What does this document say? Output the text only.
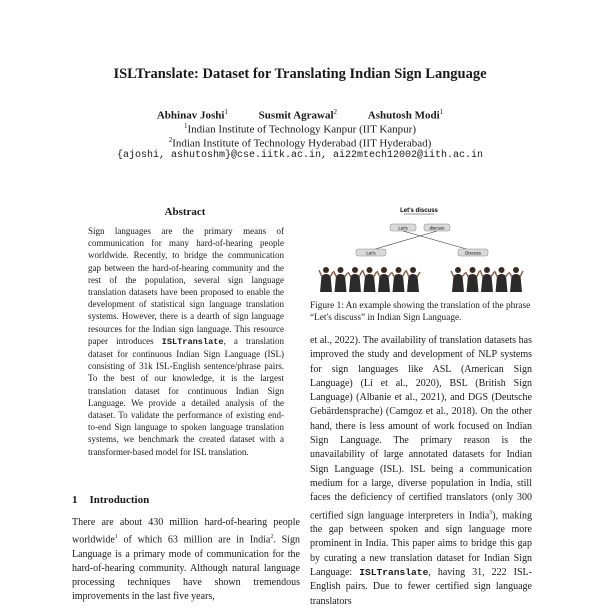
ISLTranslate: Dataset for Translating Indian Sign Language
Abhinav Joshi$^1$	Susmit Agrawal$^2$	Ashutosh Modi$^1$
$^1$Indian Institute of Technology Kanpur (IIT Kanpur)
$^2$Indian Institute of Technology Hyderabad (IIT Hyderabad)
{ajoshi, ashutoshm}@cse.iitk.ac.in, ai22mtech12002@iith.ac.in
Abstract
Sign languages are the primary means of communication for many hard-of-hearing people worldwide. Recently, to bridge the communication gap between the hard-of-hearing community and the rest of the population, several sign language translation datasets have been proposed to enable the development of statistical sign language translation systems. However, there is a dearth of sign language resources for the Indian sign language. This resource paper introduces ISLTranslate, a translation dataset for continuous Indian Sign Language (ISL) consisting of 31k ISL-English sentence/phrase pairs. To the best of our knowledge, it is the largest translation dataset for continuous Indian Sign Language. We provide a detailed analysis of the dataset. To validate the performance of existing end-to-end Sign language to spoken language translation systems, we benchmark the created dataset with a transformer-based model for ISL translation.
1 Introduction
There are about 430 million hard-of-hearing people worldwide$^1$ of which 63 million are in India$^2$. Sign Language is a primary mode of communication for the hard-of-hearing community. Although natural language processing techniques have shown tremendous improvements in the last five years,
Let's discuss
Let's	discuss
Let's	Discuss
Figure 1: An example showing the translation of the phrase “Let's discuss” in Indian Sign Language.
et al., 2022). The availability of translation datasets has improved the study and development of NLP systems for sign languages like ASL (American Sign Language) (Li et al., 2020), BSL (British Sign Language) (Albanie et al., 2021), and DGS (Deutsche Gebärdensprache) (Camgoz et al., 2018). On the other hand, there is less amount of work focused on Indian Sign Language. The primary reason is the unavailability of large annotated datasets for Indian Sign Language (ISL). ISL being a communication medium for a large, diverse population in India, still faces the deficiency of certified translators (only 300 certified sign language interpreters in India$^3$), making the gap between spoken and sign language more prominent in India. This paper aims to bridge this gap by curating a new translation dataset for Indian Sign Language: ISLTranslate, having 31, 222 ISL-English pairs. Due to fewer certified sign language translators
